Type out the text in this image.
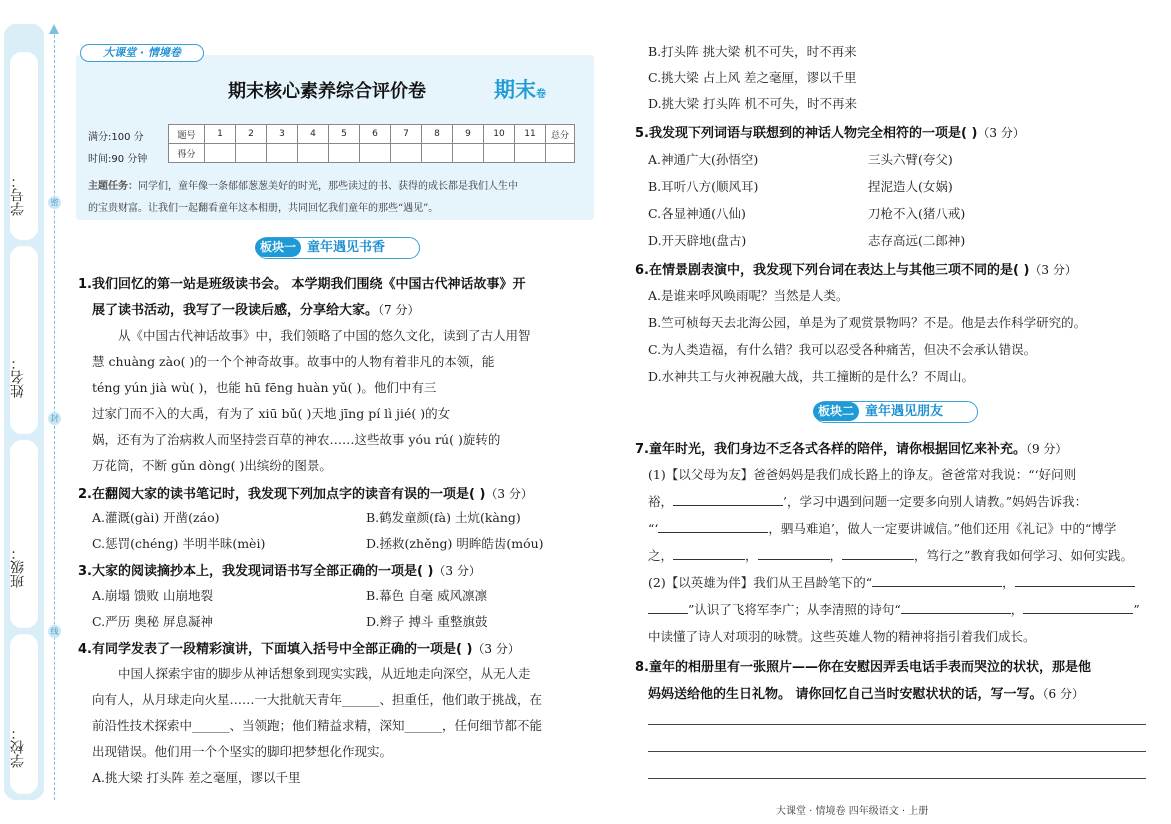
学号：
姓名：
班级：
学校：
密
封
线
大课堂 · 情境卷
期末核心素养综合评价卷	期末卷
满分:100 分
时间:90 分钟
题号	1	2	3	4	5	6	7	8	9	10	11	总分
得分												
主题任务：同学们，童年像一条郁郁葱葱美好的时光，那些读过的书、获得的成长都是我们人生中
的宝贵财富。让我们一起翻看童年这本相册，共同回忆我们童年的那些“遇见”。
板块一 童年遇见书香
1.我们回忆的第一站是班级读书会。 本学期我们围绕《中国古代神话故事》开
展了读书活动，我写了一段读后感，分享给大家。（7 分）
从《中国古代神话故事》中，我们领略了中国的悠久文化，读到了古人用智
慧 chuàng zào( )的一个个神奇故事。故事中的人物有着非凡的本领，能
téng yún jià wù( )，也能 hū fēng huàn yǔ( )。他们中有三
过家门而不入的大禹，有为了 xiū bǔ( )天地 jīng pí lì jié( )的女
娲，还有为了治病救人而坚持尝百草的神农……这些故事 yóu rú( )旋转的
万花筒，不断 gǔn dòng( )出缤纷的图景。
2.在翻阅大家的读书笔记时，我发现下列加点字的读音有误的一项是( )（3 分）
A.灌溉(gài) 开凿(záo)	B.鹤发童颜(fà) 土炕(kàng)
C.惩罚(chéng) 半明半昧(mèi)	D.拯救(zhěng) 明眸皓齿(móu)
3.大家的阅读摘抄本上，我发现词语书写全部正确的一项是( )（3 分）
A.崩塌 馈败 山崩地裂	B.幕色 自毫 威风凛凛
C.严历 奥秘 屏息凝神	D.辫子 搏斗 重整旗鼓
4.有同学发表了一段精彩演讲，下面填入括号中全部正确的一项是( )（3 分）
中国人探索宇宙的脚步从神话想象到现实实践，从近地走向深空，从无人走
向有人，从月球走向火星……一大批航天青年______、担重任，他们敢于挑战，在
前沿性技术探索中______、当领跑；他们精益求精，深知______，任何细节都不能
出现错误。他们用一个个坚实的脚印把梦想化作现实。
A.挑大梁 打头阵 差之毫厘，谬以千里
B.打头阵 挑大梁 机不可失，时不再来
C.挑大梁 占上风 差之毫厘，谬以千里
D.挑大梁 打头阵 机不可失，时不再来
5.我发现下列词语与联想到的神话人物完全相符的一项是( )（3 分）
A.神通广大(孙悟空)	三头六臂(夸父)
B.耳听八方(顺风耳)	捏泥造人(女娲)
C.各显神通(八仙)	刀枪不入(猪八戒)
D.开天辟地(盘古)	志存高远(二郎神)
6.在情景剧表演中，我发现下列台词在表达上与其他三项不同的是( )（3 分）
A.是谁来呼风唤雨呢？当然是人类。
B.竺可桢每天去北海公园，单是为了观赏景物吗？不是。他是去作科学研究的。
C.为人类造福，有什么错？我可以忍受各种痛苦，但决不会承认错误。
D.水神共工与火神祝融大战，共工撞断的是什么？不周山。
板块二 童年遇见朋友
7.童年时光，我们身边不乏各式各样的陪伴，请你根据回忆来补充。（9 分）
(1)【以父母为友】爸爸妈妈是我们成长路上的诤友。爸爸常对我说：“‘好问则
裕，	’，学习中遇到问题一定要多向别人请教。”妈妈告诉我：
“‘	，驷马难追’，做人一定要讲诚信。”他们还用《礼记》中的“博学
之，	，	，	，笃行之”教育我如何学习、如何实践。
(2)【以英雄为伴】我们从王昌龄笔下的“	，
”认识了飞将军李广；从李清照的诗句“	，	”
中读懂了诗人对项羽的咏赞。这些英雄人物的精神将指引着我们成长。
8.童年的相册里有一张照片——你在安慰因弄丢电话手表而哭泣的状状，那是他
妈妈送给他的生日礼物。 请你回忆自己当时安慰状状的话，写一写。（6 分）
大课堂 · 情境卷 四年级语文 · 上册
